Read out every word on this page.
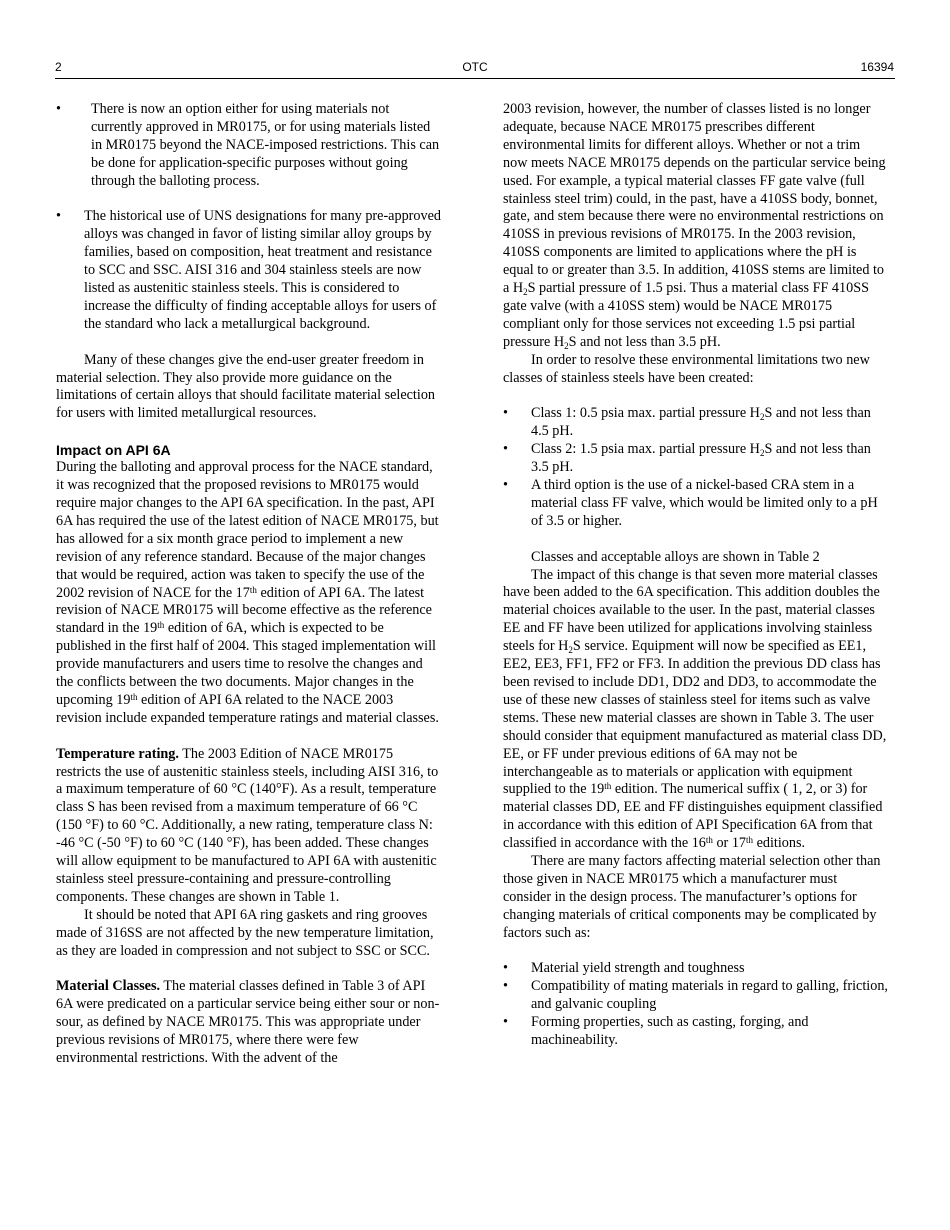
2	OTC	16394
• There is now an option either for using materials not currently approved in MR0175, or for using materials listed in MR0175 beyond the NACE-imposed restrictions. This can be done for application-specific purposes without going through the balloting process.
• The historical use of UNS designations for many pre-approved alloys was changed in favor of listing similar alloy groups by families, based on composition, heat treatment and resistance to SCC and SSC. AISI 316 and 304 stainless steels are now listed as austenitic stainless steels. This is considered to increase the difficulty of finding acceptable alloys for users of the standard who lack a metallurgical background.

Many of these changes give the end-user greater freedom in material selection. They also provide more guidance on the limitations of certain alloys that should facilitate material selection for users with limited metallurgical resources.

Impact on API 6A

During the balloting and approval process for the NACE standard, it was recognized that the proposed revisions to MR0175 would require major changes to the API 6A specification. In the past, API 6A has required the use of the latest edition of NACE MR0175, but has allowed for a six month grace period to implement a new revision of any reference standard. Because of the major changes that would be required, action was taken to specify the use of the 2002 revision of NACE for the 17th edition of API 6A. The latest revision of NACE MR0175 will become effective as the reference standard in the 19th edition of 6A, which is expected to be published in the first half of 2004. This staged implementation will provide manufacturers and users time to resolve the changes and the conflicts between the two documents. Major changes in the upcoming 19th edition of API 6A related to the NACE 2003 revision include expanded temperature ratings and material classes.

Temperature rating. The 2003 Edition of NACE MR0175 restricts the use of austenitic stainless steels, including AISI 316, to a maximum temperature of 60 °C (140°F). As a result, temperature class S has been revised from a maximum temperature of 66 °C (150 °F) to 60 °C. Additionally, a new rating, temperature class N: -46 °C (-50 °F) to 60 °C (140 °F), has been added. These changes will allow equipment to be manufactured to API 6A with austenitic stainless steel pressure-containing and pressure-controlling components. These changes are shown in Table 1.

It should be noted that API 6A ring gaskets and ring grooves made of 316SS are not affected by the new temperature limitation, as they are loaded in compression and not subject to SSC or SCC.

Material Classes. The material classes defined in Table 3 of API 6A were predicated on a particular service being either sour or non-sour, as defined by NACE MR0175. This was appropriate under previous revisions of MR0175, where there were few environmental restrictions. With the advent of the

2003 revision, however, the number of classes listed is no longer adequate, because NACE MR0175 prescribes different environmental limits for different alloys. Whether or not a trim now meets NACE MR0175 depends on the particular service being used. For example, a typical material classes FF gate valve (full stainless steel trim) could, in the past, have a 410SS body, bonnet, gate, and stem because there were no environmental restrictions on 410SS in previous revisions of MR0175. In the 2003 revision, 410SS components are limited to applications where the pH is equal to or greater than 3.5. In addition, 410SS stems are limited to a $H_2S$ partial pressure of 1.5 psi. Thus a material class FF 410SS gate valve (with a 410SS stem) would be NACE MR0175 compliant only for those services not exceeding 1.5 psi partial pressure $H_2S$ and not less than 3.5 pH.

In order to resolve these environmental limitations two new classes of stainless steels have been created:

• Class 1: 0.5 psia max. partial pressure $H_2S$ and not less than 4.5 pH.
• Class 2: 1.5 psia max. partial pressure $H_2S$ and not less than 3.5 pH.
• A third option is the use of a nickel-based CRA stem in a material class FF valve, which would be limited only to a pH of 3.5 or higher.

Classes and acceptable alloys are shown in Table 2

The impact of this change is that seven more material classes have been added to the 6A specification. This addition doubles the material choices available to the user. In the past, material classes EE and FF have been utilized for applications involving stainless steels for $H_2S$ service. Equipment will now be specified as EE1, EE2, EE3, FF1, FF2 or FF3. In addition the previous DD class has been revised to include DD1, DD2 and DD3, to accommodate the use of these new classes of stainless steel for items such as valve stems. These new material classes are shown in Table 3. The user should consider that equipment manufactured as material class DD, EE, or FF under previous editions of 6A may not be interchangeable as to materials or application with equipment supplied to the 19th edition. The numerical suffix ( 1, 2, or 3) for material classes DD, EE and FF distinguishes equipment classified in accordance with this edition of API Specification 6A from that classified in accordance with the 16th or 17th editions.

There are many factors affecting material selection other than those given in NACE MR0175 which a manufacturer must consider in the design process. The manufacturer’s options for changing materials of critical components may be complicated by factors such as:

• Material yield strength and toughness
• Compatibility of mating materials in regard to galling, friction, and galvanic coupling
• Forming properties, such as casting, forging, and machineability.
